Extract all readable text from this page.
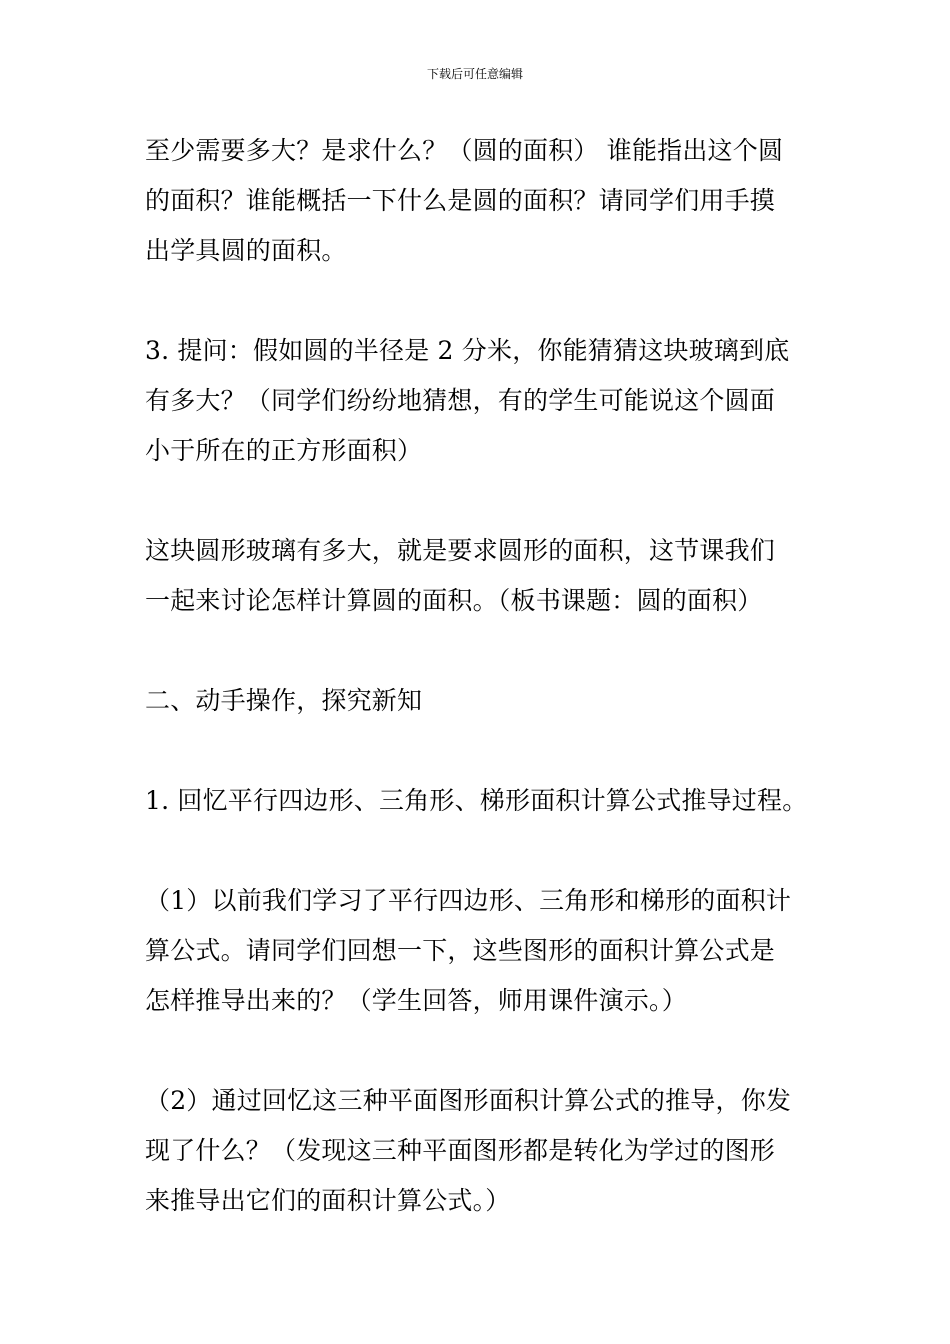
下载后可任意编辑

至少需要多大？是求什么？（圆的面积） 谁能指出这个圆
的面积？谁能概括一下什么是圆的面积？请同学们用手摸
出学具圆的面积。

3. 提问：假如圆的半径是 2 分米，你能猜猜这块玻璃到底
有多大？（同学们纷纷地猜想，有的学生可能说这个圆面
小于所在的正方形面积）

这块圆形玻璃有多大，就是要求圆形的面积，这节课我们
一起来讨论怎样计算圆的面积。（板书课题：圆的面积）

二、动手操作，探究新知

1. 回忆平行四边形、三角形、梯形面积计算公式推导过程。

（1）以前我们学习了平行四边形、三角形和梯形的面积计
算公式。请同学们回想一下，这些图形的面积计算公式是
怎样推导出来的？（学生回答，师用课件演示。）

（2）通过回忆这三种平面图形面积计算公式的推导，你发
现了什么？（发现这三种平面图形都是转化为学过的图形
来推导出它们的面积计算公式。）
